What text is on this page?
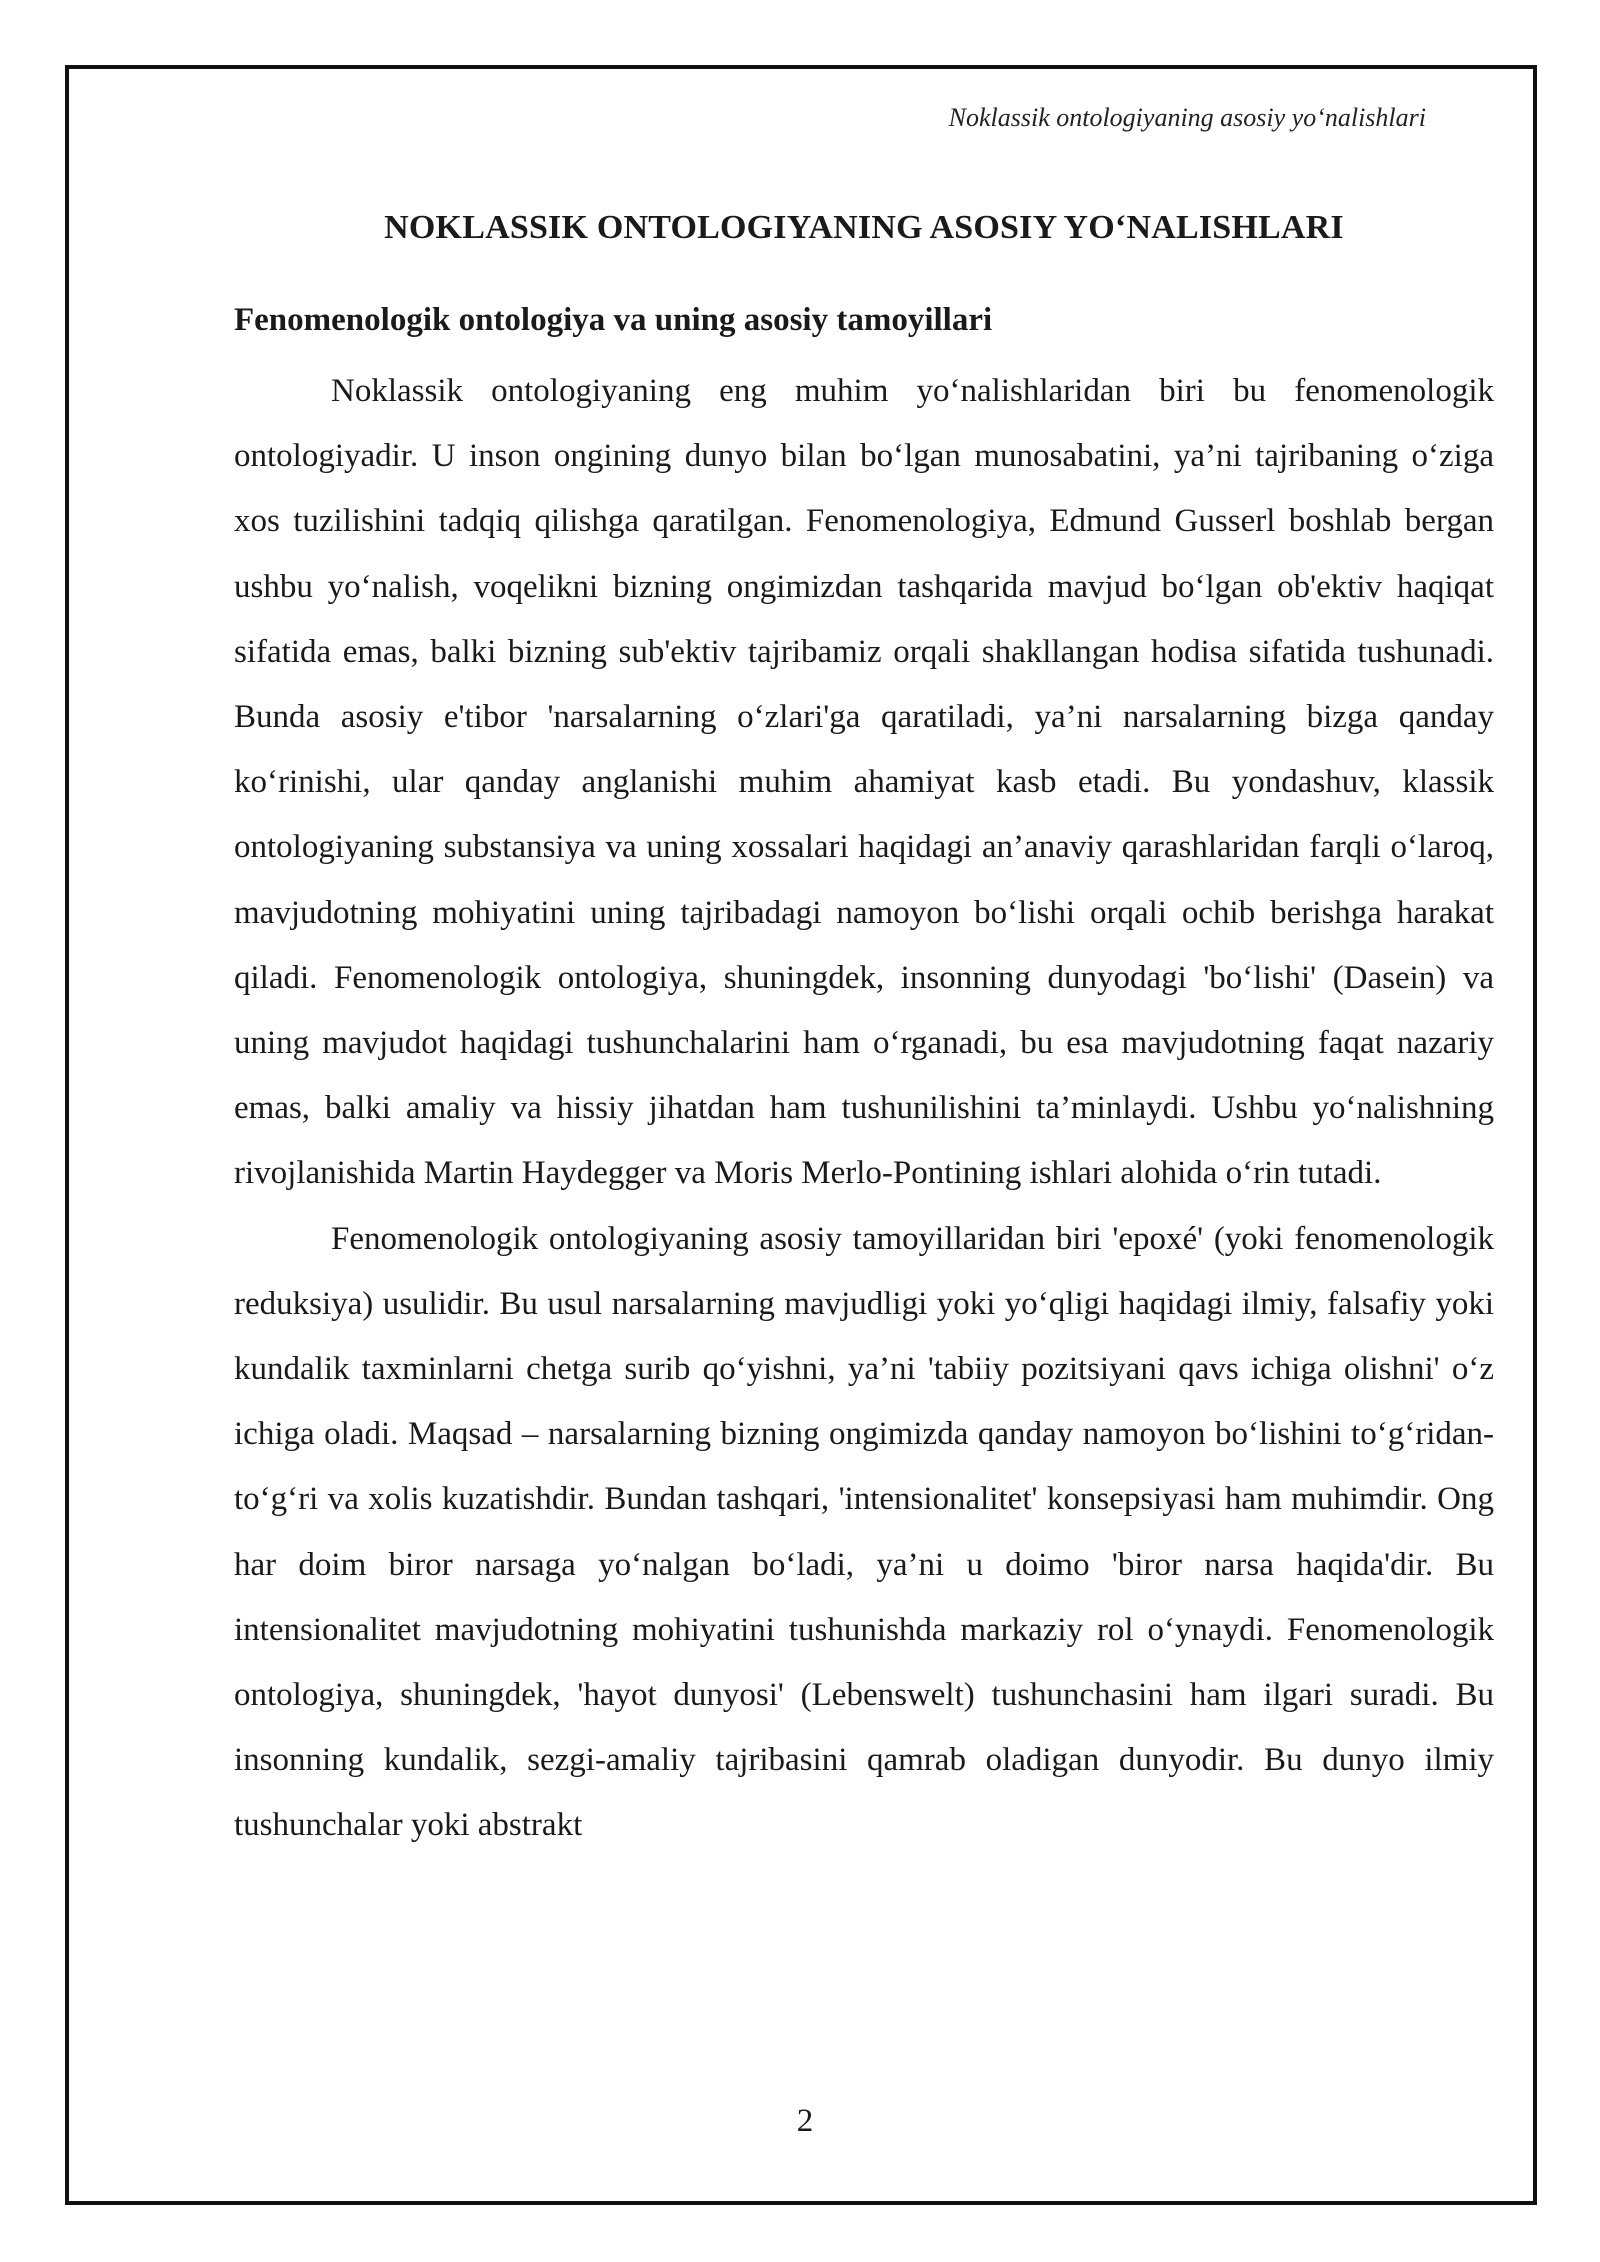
Noklassik ontologiyaning asosiy yo‘nalishlari
NOKLASSIK ONTOLOGIYANING ASOSIY YO‘NALISHLARI
Fenomenologik ontologiya va uning asosiy tamoyillari

Noklassik ontologiyaning eng muhim yo‘nalishlaridan biri bu fenomenologik ontologiyadir. U inson ongining dunyo bilan bo‘lgan munosabatini, ya’ni tajribaning o‘ziga xos tuzilishini tadqiq qilishga qaratilgan. Fenomenologiya, Edmund Gusserl boshlab bergan ushbu yo‘nalish, voqelikni bizning ongimizdan tashqarida mavjud bo‘lgan ob'ektiv haqiqat sifatida emas, balki bizning sub'ektiv tajribamiz orqali shakllangan hodisa sifatida tushunadi. Bunda asosiy e'tibor 'narsalarning o‘zlari'ga qaratiladi, ya’ni narsalarning bizga qanday ko‘rinishi, ular qanday anglanishi muhim ahamiyat kasb etadi. Bu yondashuv, klassik ontologiyaning substansiya va uning xossalari haqidagi an’anaviy qarashlaridan farqli o‘laroq, mavjudotning mohiyatini uning tajribadagi namoyon bo‘lishi orqali ochib berishga harakat qiladi. Fenomenologik ontologiya, shuningdek, insonning dunyodagi 'bo‘lishi' (Dasein) va uning mavjudot haqidagi tushunchalarini ham o‘rganadi, bu esa mavjudotning faqat nazariy emas, balki amaliy va hissiy jihatdan ham tushunilishini ta’minlaydi. Ushbu yo‘nalishning rivojlanishida Martin Haydegger va Moris Merlo-Pontining ishlari alohida o‘rin tutadi.

Fenomenologik ontologiyaning asosiy tamoyillaridan biri 'epoxé' (yoki fenomenologik reduksiya) usulidir. Bu usul narsalarning mavjudligi yoki yo‘qligi haqidagi ilmiy, falsafiy yoki kundalik taxminlarni chetga surib qo‘yishni, ya’ni 'tabiiy pozitsiyani qavs ichiga olishni' o‘z ichiga oladi. Maqsad – narsalarning bizning ongimizda qanday namoyon bo‘lishini to‘g‘ridan-to‘g‘ri va xolis kuzatishdir. Bundan tashqari, 'intensionalitet' konsepsiyasi ham muhimdir. Ong har doim biror narsaga yo‘nalgan bo‘ladi, ya’ni u doimo 'biror narsa haqida'dir. Bu intensionalitet mavjudotning mohiyatini tushunishda markaziy rol o‘ynaydi. Fenomenologik ontologiya, shuningdek, 'hayot dunyosi' (Lebenswelt) tushunchasini ham ilgari suradi. Bu insonning kundalik, sezgi-amaliy tajribasini qamrab oladigan dunyodir. Bu dunyo ilmiy tushunchalar yoki abstrakt

2
